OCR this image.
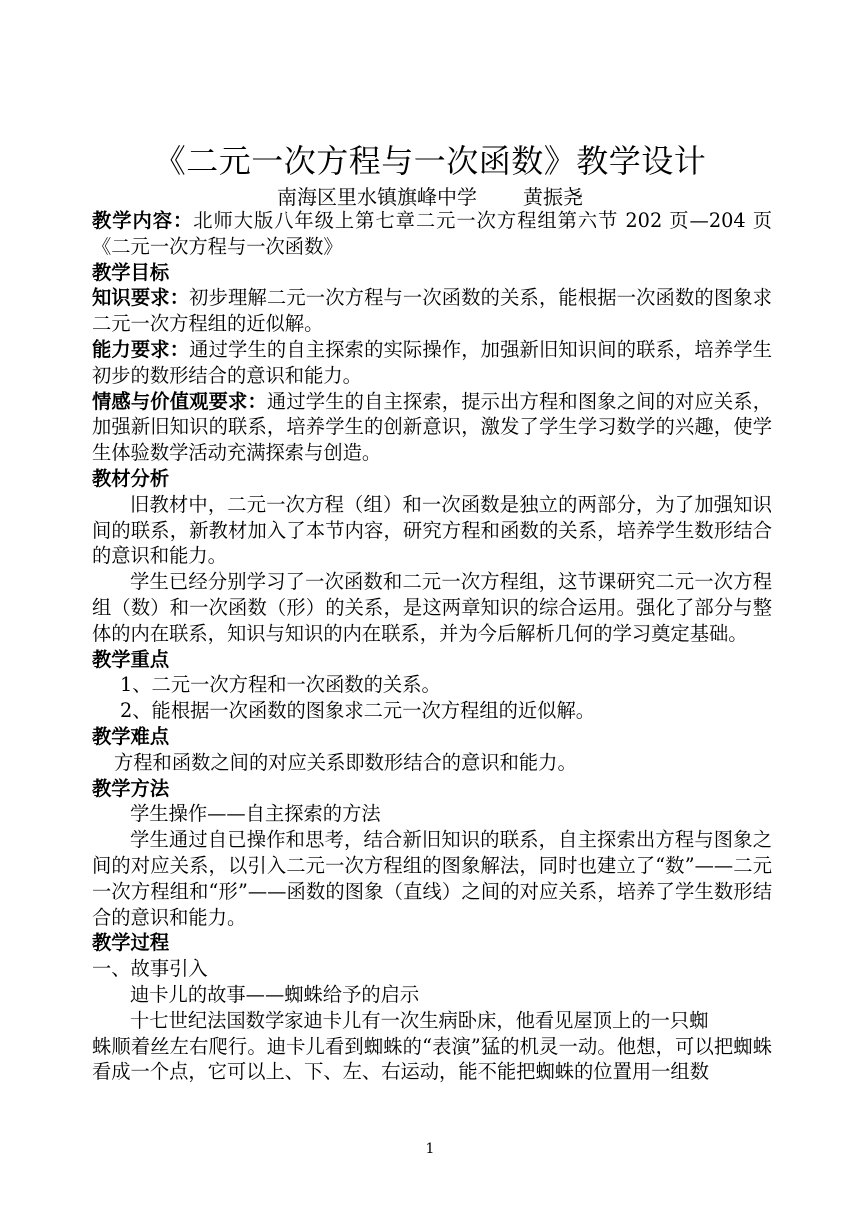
《二元一次方程与一次函数》教学设计
南海区里水镇旗峰中学 黄振尧

教学内容：北师大版八年级上第七章二元一次方程组第六节 202 页—204 页《二元一次方程与一次函数》

教学目标

知识要求：初步理解二元一次方程与一次函数的关系，能根据一次函数的图象求二元一次方程组的近似解。

能力要求：通过学生的自主探索的实际操作，加强新旧知识间的联系，培养学生初步的数形结合的意识和能力。

情感与价值观要求：通过学生的自主探索，提示出方程和图象之间的对应关系，加强新旧知识的联系，培养学生的创新意识，激发了学生学习数学的兴趣，使学生体验数学活动充满探索与创造。

教材分析

旧教材中，二元一次方程（组）和一次函数是独立的两部分，为了加强知识间的联系，新教材加入了本节内容，研究方程和函数的关系，培养学生数形结合的意识和能力。

学生已经分别学习了一次函数和二元一次方程组，这节课研究二元一次方程组（数）和一次函数（形）的关系，是这两章知识的综合运用。强化了部分与整体的内在联系，知识与知识的内在联系，并为今后解析几何的学习奠定基础。

教学重点

1、二元一次方程和一次函数的关系。

2、能根据一次函数的图象求二元一次方程组的近似解。

教学难点

方程和函数之间的对应关系即数形结合的意识和能力。

教学方法

学生操作——自主探索的方法

学生通过自已操作和思考，结合新旧知识的联系，自主探索出方程与图象之间的对应关系，以引入二元一次方程组的图象解法，同时也建立了“数”——二元一次方程组和“形”——函数的图象（直线）之间的对应关系，培养了学生数形结合的意识和能力。

教学过程

一、故事引入

迪卡儿的故事——蜘蛛给予的启示

十七世纪法国数学家迪卡儿有一次生病卧床，他看见屋顶上的一只蜘

蛛顺着丝左右爬行。迪卡儿看到蜘蛛的“表演”猛的机灵一动。他想，可以把蜘蛛看成一个点，它可以上、下、左、右运动，能不能把蜘蛛的位置用一组数

1
